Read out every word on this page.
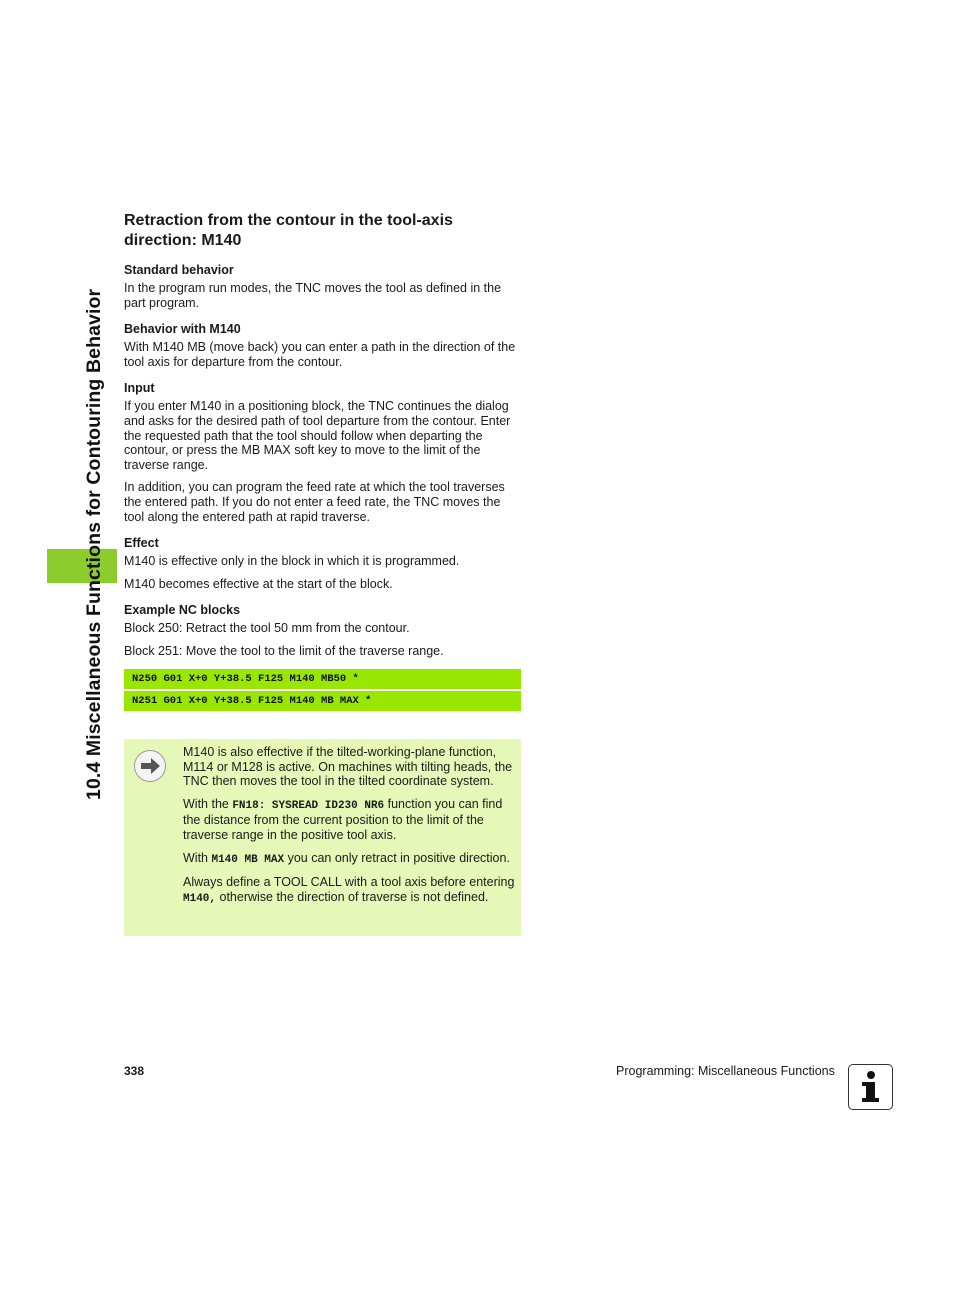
10.4 Miscellaneous Functions for Contouring Behavior
Retraction from the contour in the tool-axis direction: M140
Standard behavior

In the program run modes, the TNC moves the tool as defined in the part program.

Behavior with M140

With M140 MB (move back) you can enter a path in the direction of the tool axis for departure from the contour.

Input

If you enter M140 in a positioning block, the TNC continues the dialog and asks for the desired path of tool departure from the contour. Enter the requested path that the tool should follow when departing the contour, or press the MB MAX soft key to move to the limit of the traverse range.

In addition, you can program the feed rate at which the tool traverses the entered path. If you do not enter a feed rate, the TNC moves the tool along the entered path at rapid traverse.

Effect

M140 is effective only in the block in which it is programmed.

M140 becomes effective at the start of the block.

Example NC blocks

Block 250: Retract the tool 50 mm from the contour.

Block 251: Move the tool to the limit of the traverse range.

N250 G01 X+0 Y+38.5 F125 M140 MB50 *
N251 G01 X+0 Y+38.5 F125 M140 MB MAX *

M140 is also effective if the tilted-working-plane function, M114 or M128 is active. On machines with tilting heads, the TNC then moves the tool in the tilted coordinate system.

With the FN18: SYSREAD ID230 NR6 function you can find the distance from the current position to the limit of the traverse range in the positive tool axis.

With M140 MB MAX you can only retract in positive direction.

Always define a TOOL CALL with a tool axis before entering M140, otherwise the direction of traverse is not defined.

338	Programming: Miscellaneous Functions
